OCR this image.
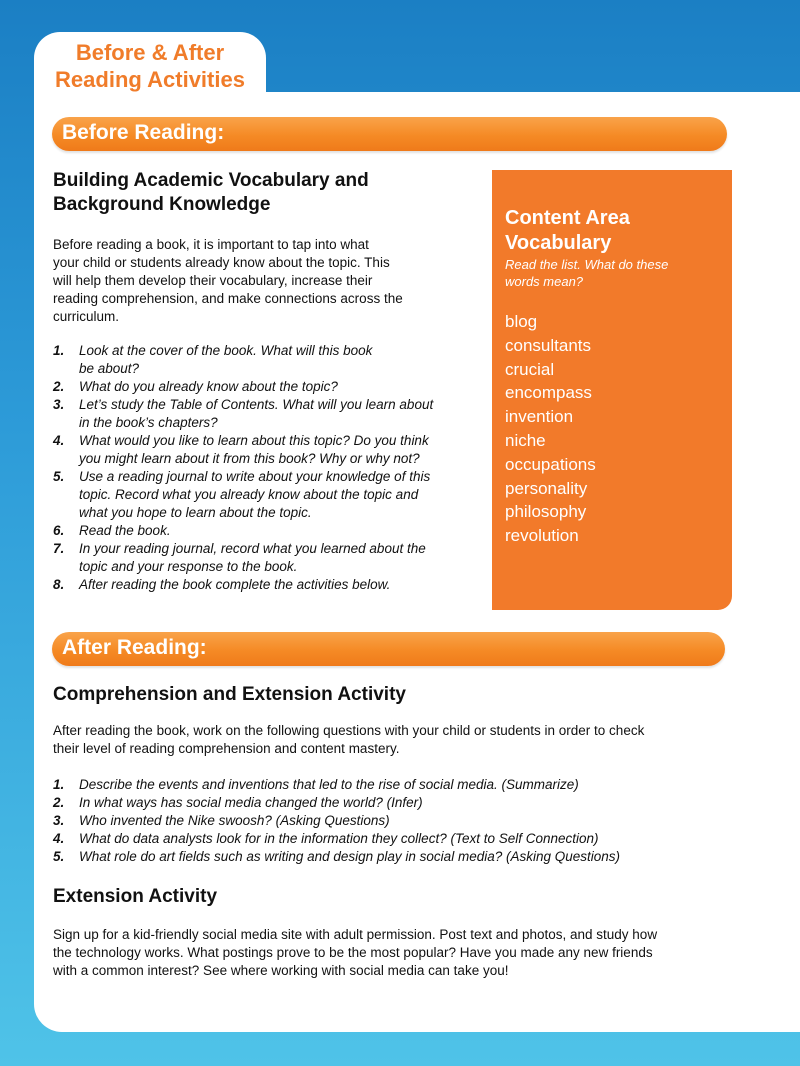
Before & After
Reading Activities
Before Reading:
Building Academic Vocabulary and
Background Knowledge
Before reading a book, it is important to tap into what
your child or students already know about the topic. This
will help them develop their vocabulary, increase their
reading comprehension, and make connections across the
curriculum.
1. Look at the cover of the book. What will this book
be about?
2. What do you already know about the topic?
3. Let’s study the Table of Contents. What will you learn about
in the book’s chapters?
4. What would you like to learn about this topic? Do you think
you might learn about it from this book? Why or why not?
5. Use a reading journal to write about your knowledge of this
topic. Record what you already know about the topic and
what you hope to learn about the topic.
6. Read the book.
7. In your reading journal, record what you learned about the
topic and your response to the book.
8. After reading the book complete the activities below.
Content Area
Vocabulary
Read the list. What do these
words mean?
blog
consultants
crucial
encompass
invention
niche
occupations
personality
philosophy
revolution
After Reading:
Comprehension and Extension Activity
After reading the book, work on the following questions with your child or students in order to check
their level of reading comprehension and content mastery.
1. Describe the events and inventions that led to the rise of social media. (Summarize)
2. In what ways has social media changed the world? (Infer)
3. Who invented the Nike swoosh? (Asking Questions)
4. What do data analysts look for in the information they collect? (Text to Self Connection)
5. What role do art fields such as writing and design play in social media? (Asking Questions)
Extension Activity
Sign up for a kid-friendly social media site with adult permission. Post text and photos, and study how
the technology works. What postings prove to be the most popular? Have you made any new friends
with a common interest? See where working with social media can take you!
